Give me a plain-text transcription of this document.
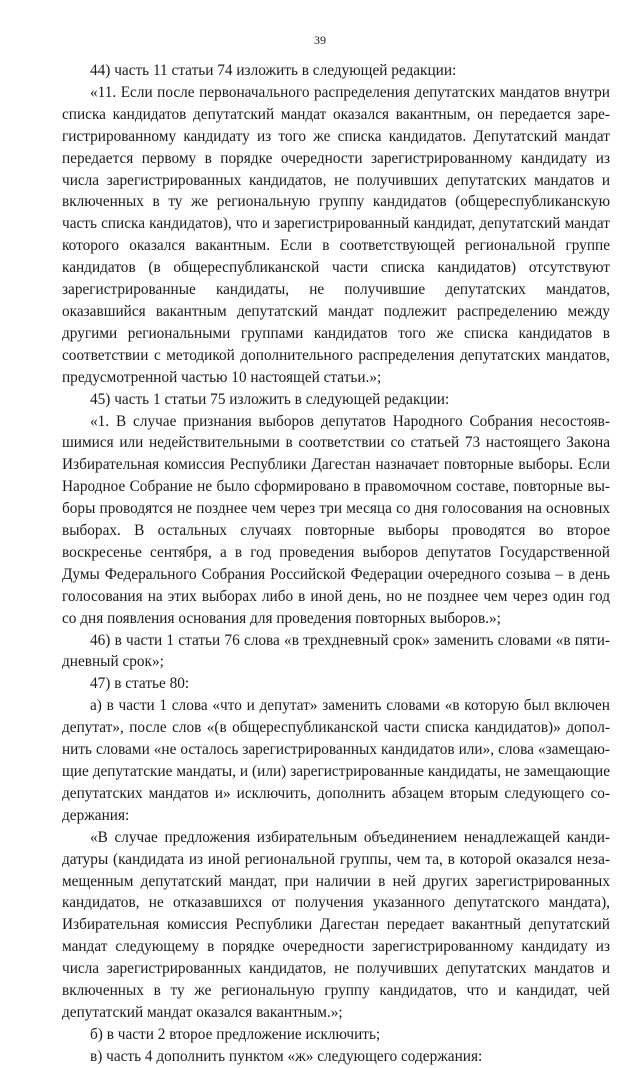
39

44) часть 11 статьи 74 изложить в следующей редакции:

«11. Если после первоначального распределения депутатских мандатов внутри списка кандидатов депутатский мандат оказался вакантным, он передается зарегистрированному кандидату из того же списка кандидатов. Депутатский мандат передается первому в порядке очередности зарегистрированному кандидату из числа зарегистрированных кандидатов, не получивших депутатских мандатов и включенных в ту же региональную группу кандидатов (общереспубликанскую часть списка кандидатов), что и зарегистрированный кандидат, депутатский мандат которого оказался вакантным. Если в соответствующей региональной группе кандидатов (в общереспубликанской части списка кандидатов) отсутствуют зарегистрированные кандидаты, не получившие депутатских мандатов, оказавшийся вакантным депутатский мандат подлежит распределению между другими региональными группами кандидатов того же списка кандидатов в соответствии с методикой дополнительного распределения депутатских мандатов, предусмотренной частью 10 настоящей статьи.»;

45) часть 1 статьи 75 изложить в следующей редакции:

«1. В случае признания выборов депутатов Народного Собрания несостоявшимися или недействительными в соответствии со статьей 73 настоящего Закона Избирательная комиссия Республики Дагестан назначает повторные выборы. Если Народное Собрание не было сформировано в правомочном составе, повторные выборы проводятся не позднее чем через три месяца со дня голосования на основных выборах. В остальных случаях повторные выборы проводятся во второе воскресенье сентября, а в год проведения выборов депутатов Государственной Думы Федерального Собрания Российской Федерации очередного созыва – в день голосования на этих выборах либо в иной день, но не позднее чем через один год со дня появления основания для проведения повторных выборов.»;

46) в части 1 статьи 76 слова «в трехдневный срок» заменить словами «в пятидневный срок»;

47) в статье 80:

а) в части 1 слова «что и депутат» заменить словами «в которую был включен депутат», после слов «(в общереспубликанской части списка кандидатов)» дополнить словами «не осталось зарегистрированных кандидатов или», слова «замещающие депутатские мандаты, и (или) зарегистрированные кандидаты, не замещающие депутатских мандатов и» исключить, дополнить абзацем вторым следующего содержания:

«В случае предложения избирательным объединением ненадлежащей кандидатуры (кандидата из иной региональной группы, чем та, в которой оказался незамещенным депутатский мандат, при наличии в ней других зарегистрированных кандидатов, не отказавшихся от получения указанного депутатского мандата), Избирательная комиссия Республики Дагестан передает вакантный депутатский мандат следующему в порядке очередности зарегистрированному кандидату из числа зарегистрированных кандидатов, не получивших депутатских мандатов и включенных в ту же региональную группу кандидатов, что и кандидат, чей депутатский мандат оказался вакантным.»;

б) в части 2 второе предложение исключить;

в) часть 4 дополнить пунктом «ж» следующего содержания:
